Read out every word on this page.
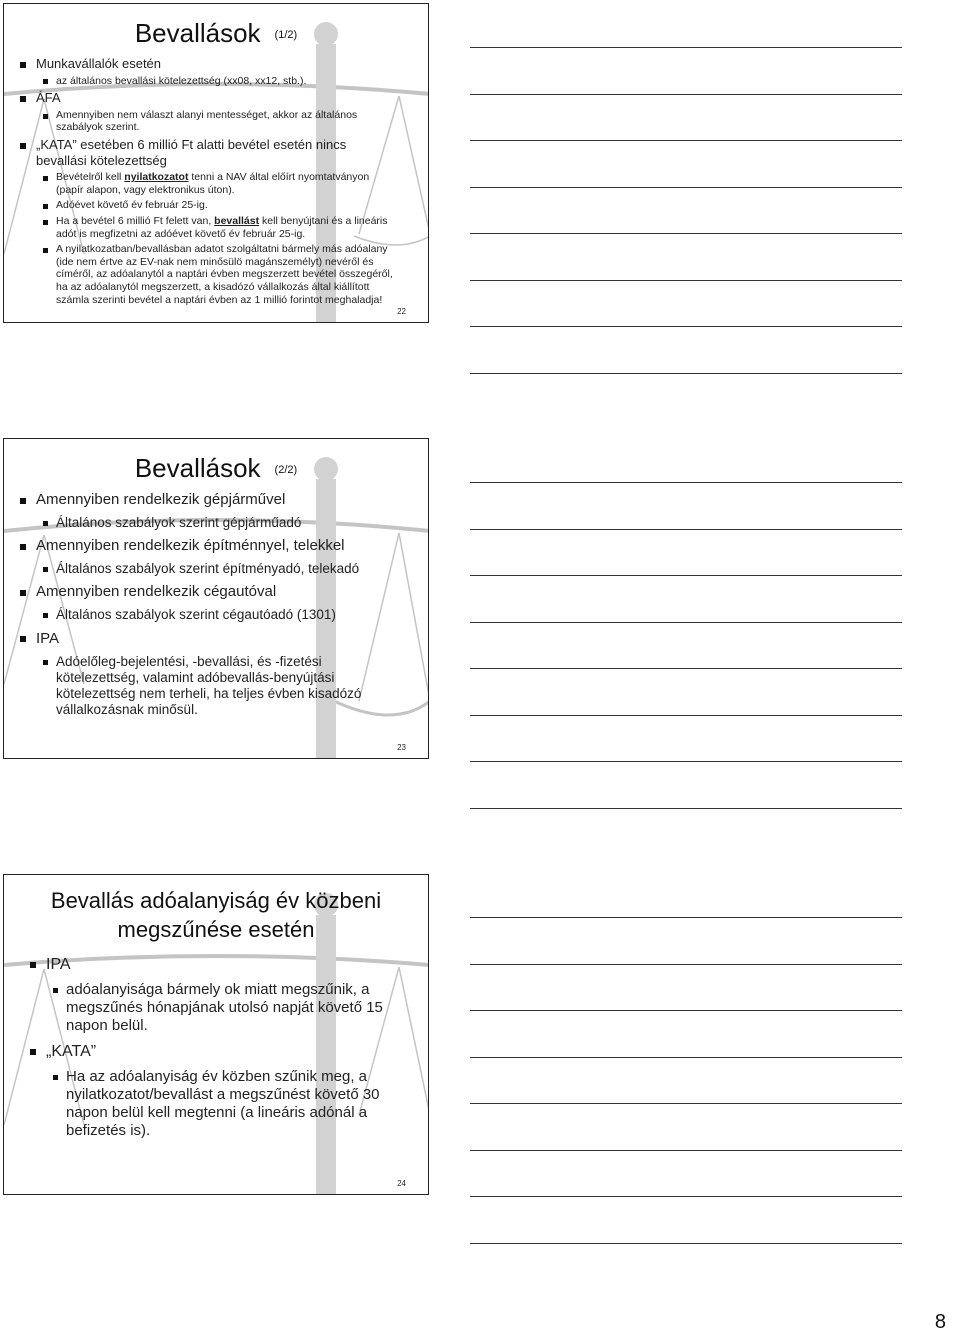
Bevallások (1/2)
Munkavállalók esetén
az általános bevallási kötelezettség (xx08, xx12, stb.).
ÁFA
Amennyiben nem választ alanyi mentességet, akkor az általános szabályok szerint.
„KATA” esetében 6 millió Ft alatti bevétel esetén nincs bevallási kötelezettség
Bevételről kell nyilatkozatot tenni a NAV által előírt nyomtatványon (papír alapon, vagy elektronikus úton).
Adóévet követő év február 25-ig.
Ha a bevétel 6 millió Ft felett van, bevallást kell benyújtani és a lineáris adót is megfizetni az adóévet követő év február 25-ig.
A nyilatkozatban/bevallásban adatot szolgáltatni bármely más adóalany (ide nem értve az EV-nak nem minősülö magánszemélyt) nevéről és címéről, az adóalanytól a naptári évben megszerzett bevétel összegéről, ha az adóalanytól megszerzett, a kisadózó vállalkozás által kiállított számla szerinti bevétel a naptári évben az 1 millió forintot meghaladja!
22
Bevallások (2/2)
Amennyiben rendelkezik gépjárművel
Általános szabályok szerint gépjárműadó
Amennyiben rendelkezik építménnyel, telekkel
Általános szabályok szerint építményadó, telekadó
Amennyiben rendelkezik cégautóval
Általános szabályok szerint cégautóadó (1301)
IPA
Adóelőleg-bejelentési, -bevallási, és -fizetési kötelezettség, valamint adóbevallás-benyújtási kötelezettség nem terheli, ha teljes évben kisadózó vállalkozásnak minősül.
23
Bevallás adóalanyiság év közbeni megszűnése esetén
IPA
adóalanyisága bármely ok miatt megszűnik, a megszűnés hónapjának utolsó napját követő 15 napon belül.
„KATA”
Ha az adóalanyiság év közben szűnik meg, a nyilatkozatot/bevallást a megszűnést követő 30 napon belül kell megtenni (a lineáris adónál a befizetés is).
24
8
